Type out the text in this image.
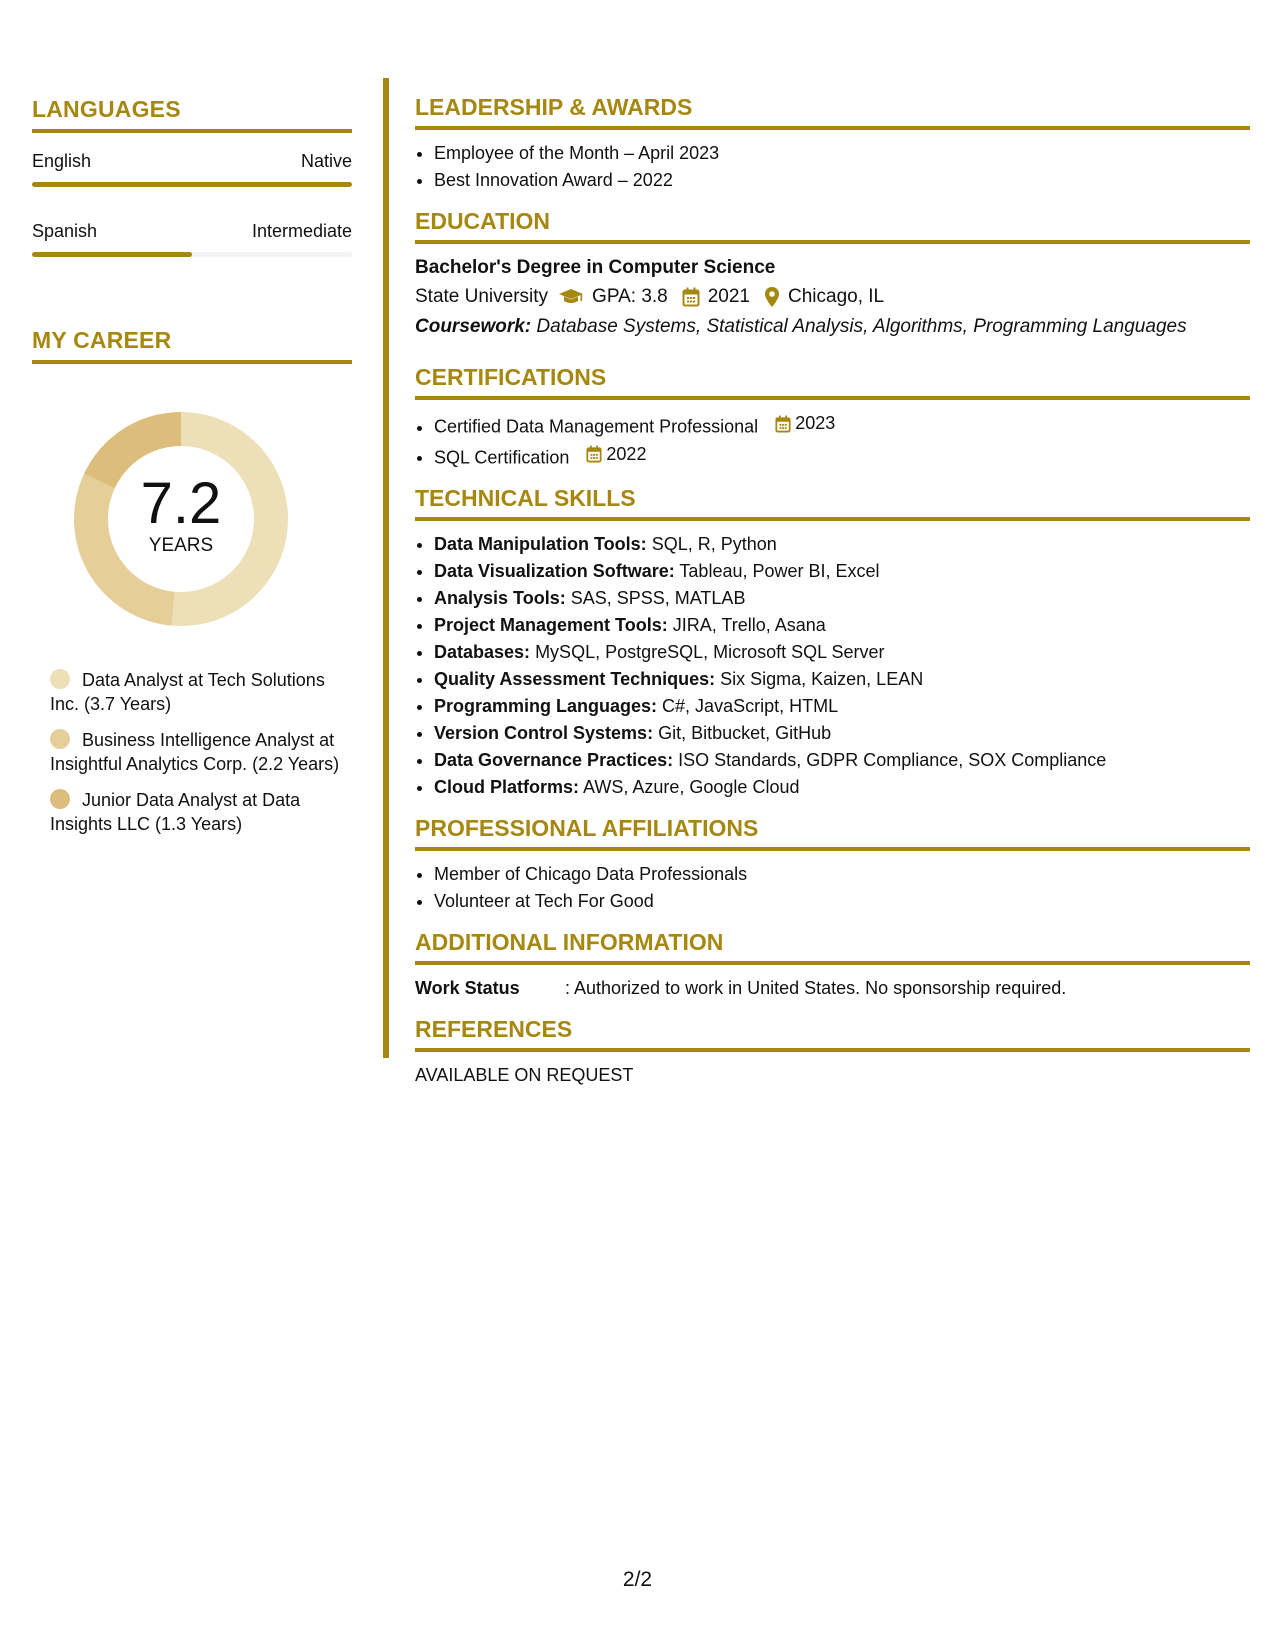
LANGUAGES
English	Native
Spanish	Intermediate
MY CAREER
7.2
YEARS
Data Analyst at Tech Solutions Inc. (3.7 Years)
Business Intelligence Analyst at Insightful Analytics Corp. (2.2 Years)
Junior Data Analyst at Data Insights LLC (1.3 Years)
LEADERSHIP & AWARDS
• Employee of the Month – April 2023
• Best Innovation Award – 2022
EDUCATION
Bachelor's Degree in Computer Science
State University GPA: 3.8 2021 Chicago, IL
Coursework: Database Systems, Statistical Analysis, Algorithms, Programming Languages
CERTIFICATIONS
• Certified Data Management Professional 2023
• SQL Certification 2022
TECHNICAL SKILLS
• Data Manipulation Tools: SQL, R, Python
• Data Visualization Software: Tableau, Power BI, Excel
• Analysis Tools: SAS, SPSS, MATLAB
• Project Management Tools: JIRA, Trello, Asana
• Databases: MySQL, PostgreSQL, Microsoft SQL Server
• Quality Assessment Techniques: Six Sigma, Kaizen, LEAN
• Programming Languages: C#, JavaScript, HTML
• Version Control Systems: Git, Bitbucket, GitHub
• Data Governance Practices: ISO Standards, GDPR Compliance, SOX Compliance
• Cloud Platforms: AWS, Azure, Google Cloud
PROFESSIONAL AFFILIATIONS
• Member of Chicago Data Professionals
• Volunteer at Tech For Good
ADDITIONAL INFORMATION
Work Status	: Authorized to work in United States. No sponsorship required.
REFERENCES
AVAILABLE ON REQUEST
2/2
